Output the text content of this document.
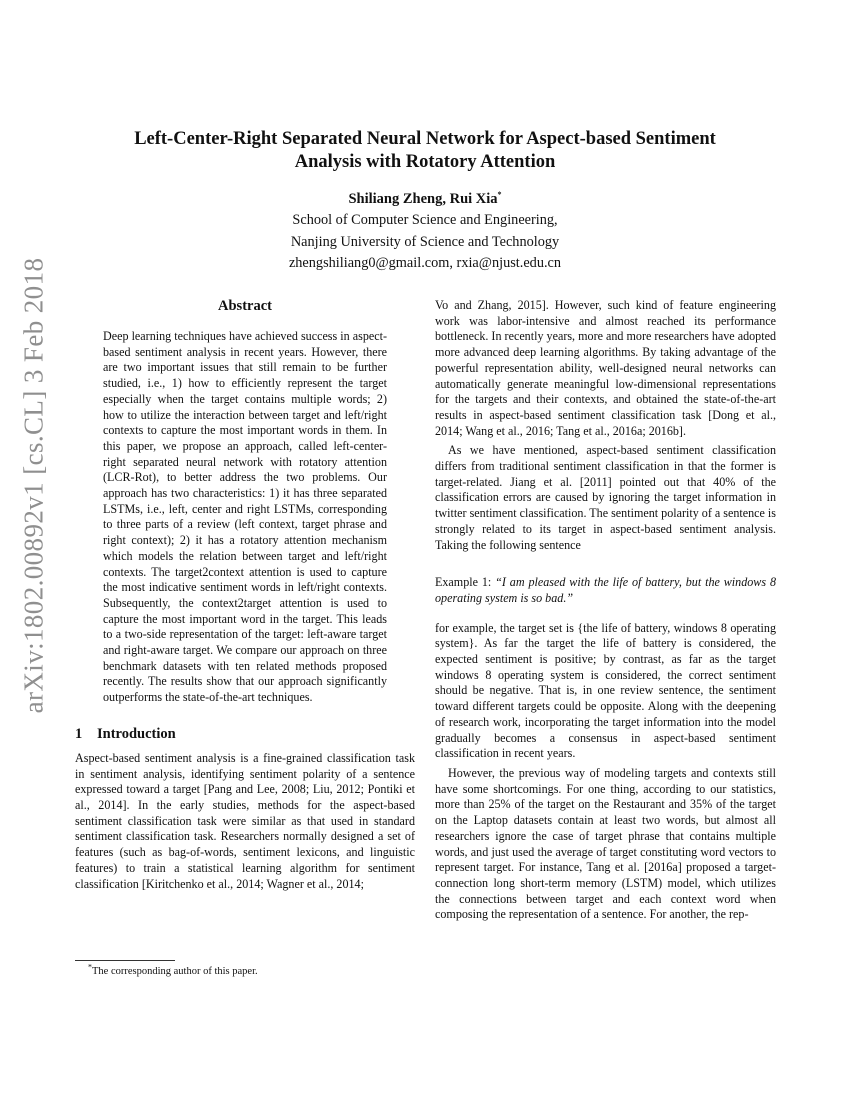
arXiv:1802.00892v1 [cs.CL] 3 Feb 2018
Left-Center-Right Separated Neural Network for Aspect-based Sentiment
Analysis with Rotatory Attention
Shiliang Zheng, Rui Xia*
School of Computer Science and Engineering,
Nanjing University of Science and Technology
zhengshiliang0@gmail.com, rxia@njust.edu.cn
Abstract

Deep learning techniques have achieved success in aspect-based sentiment analysis in recent years. However, there are two important issues that still remain to be further studied, i.e., 1) how to efficiently represent the target especially when the target contains multiple words; 2) how to utilize the interaction between target and left/right contexts to capture the most important words in them. In this paper, we propose an approach, called left-center-right separated neural network with rotatory attention (LCR-Rot), to better address the two problems. Our approach has two characteristics: 1) it has three separated LSTMs, i.e., left, center and right LSTMs, corresponding to three parts of a review (left context, target phrase and right context); 2) it has a rotatory attention mechanism which models the relation between target and left/right contexts. The target2context attention is used to capture the most indicative sentiment words in left/right contexts. Subsequently, the context2target attention is used to capture the most important word in the target. This leads to a two-side representation of the target: left-aware target and right-aware target. We compare our approach on three benchmark datasets with ten related methods proposed recently. The results show that our approach significantly outperforms the state-of-the-art techniques.

1 Introduction

Aspect-based sentiment analysis is a fine-grained classification task in sentiment analysis, identifying sentiment polarity of a sentence expressed toward a target [Pang and Lee, 2008; Liu, 2012; Pontiki et al., 2014]. In the early studies, methods for the aspect-based sentiment classification task were similar as that used in standard sentiment classification task. Researchers normally designed a set of features (such as bag-of-words, sentiment lexicons, and linguistic features) to train a statistical learning algorithm for sentiment classification [Kiritchenko et al., 2014; Wagner et al., 2014;

Vo and Zhang, 2015]. However, such kind of feature engineering work was labor-intensive and almost reached its performance bottleneck. In recently years, more and more researchers have adopted more advanced deep learning algorithms. By taking advantage of the powerful representation ability, well-designed neural networks can automatically generate meaningful low-dimensional representations for the targets and their contexts, and obtained the state-of-the-art results in aspect-based sentiment classification task [Dong et al., 2014; Wang et al., 2016; Tang et al., 2016a; 2016b].

As we have mentioned, aspect-based sentiment classification differs from traditional sentiment classification in that the former is target-related. Jiang et al. [2011] pointed out that 40% of the classification errors are caused by ignoring the target information in twitter sentiment classification. The sentiment polarity of a sentence is strongly related to its target in aspect-based sentiment analysis. Taking the following sentence

Example 1: “I am pleased with the life of battery, but the windows 8 operating system is so bad.”

for example, the target set is {the life of battery, windows 8 operating system}. As far the target the life of battery is considered, the expected sentiment is positive; by contrast, as far as the target windows 8 operating system is considered, the correct sentiment should be negative. That is, in one review sentence, the sentiment toward different targets could be opposite. Along with the deepening of research work, incorporating the target information into the model gradually becomes a consensus in aspect-based sentiment classification in recent years.

However, the previous way of modeling targets and contexts still have some shortcomings. For one thing, according to our statistics, more than 25% of the target on the Restaurant and 35% of the target on the Laptop datasets contain at least two words, but almost all researchers ignore the case of target phrase that contains multiple words, and just used the average of target constituting word vectors to represent target. For instance, Tang et al. [2016a] proposed a target-connection long short-term memory (LSTM) model, which utilizes the connections between target and each context word when composing the representation of a sentence. For another, the rep-

*The corresponding author of this paper.
